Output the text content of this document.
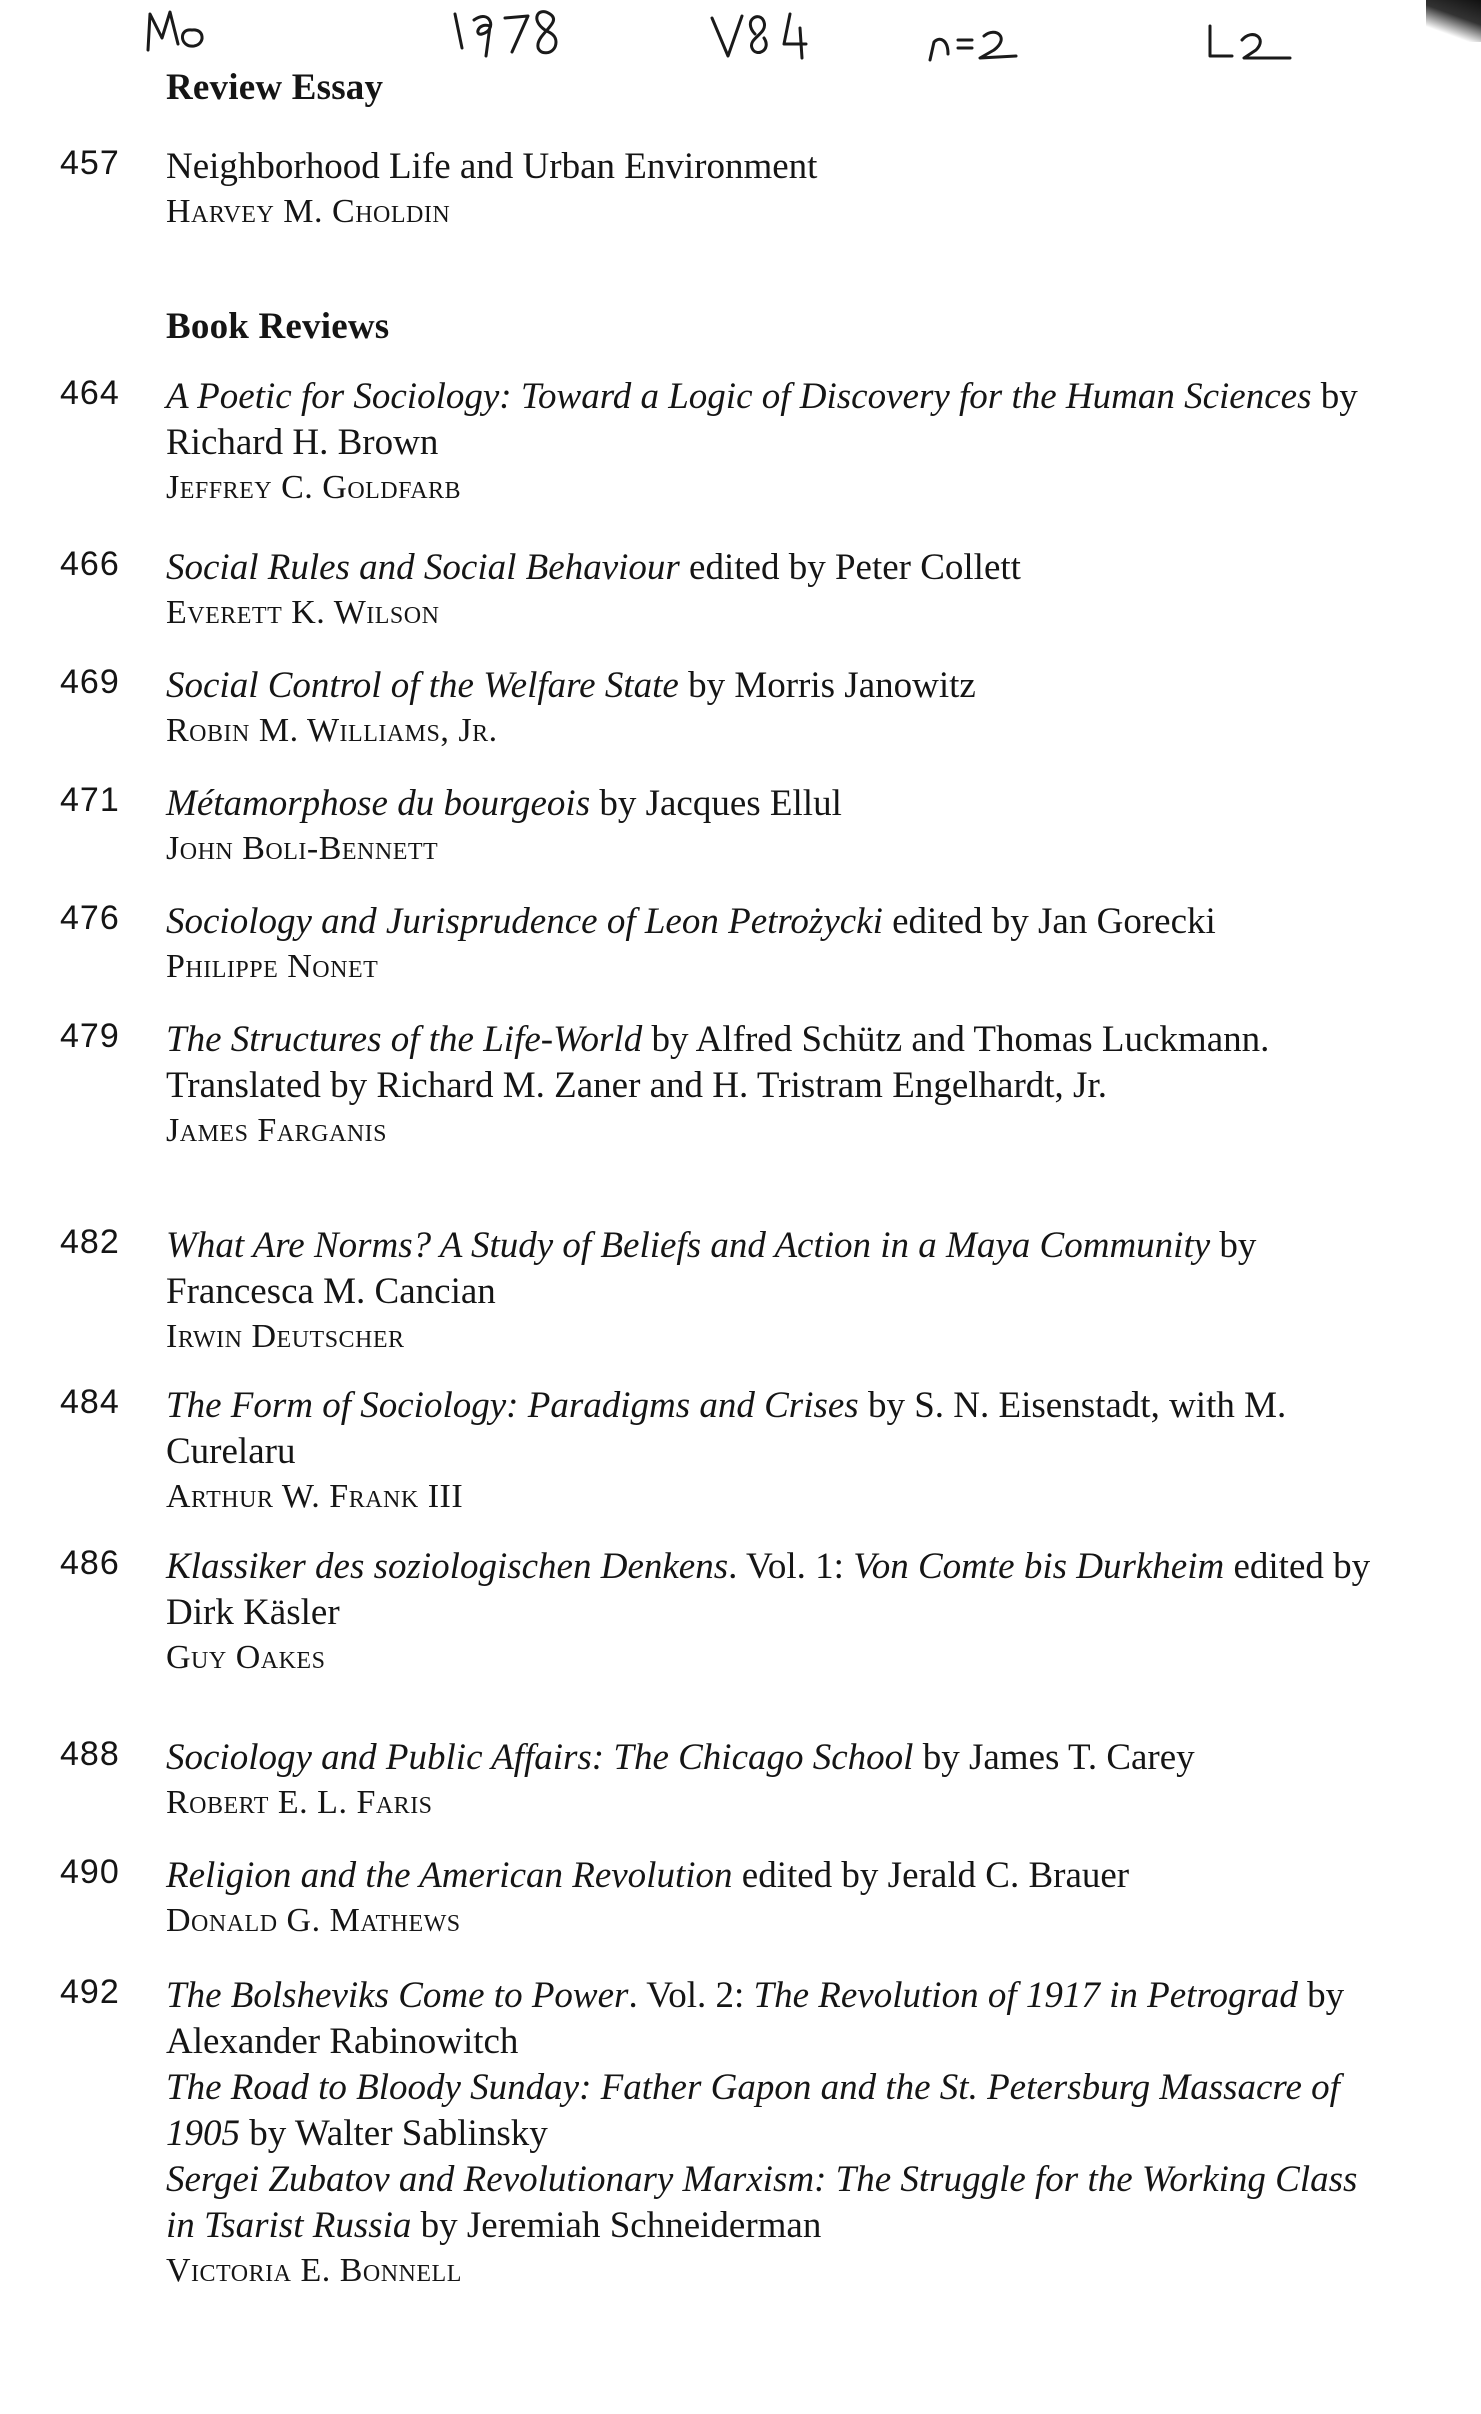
Review Essay
457 Neighborhood Life and Urban Environment
Harvey M. Choldin
Book Reviews
464 A Poetic for Sociology: Toward a Logic of Discovery for the Human Sciences by Richard H. Brown
Jeffrey C. Goldfarb
466 Social Rules and Social Behaviour edited by Peter Collett
Everett K. Wilson
469 Social Control of the Welfare State by Morris Janowitz
Robin M. Williams, Jr.
471 Métamorphose du bourgeois by Jacques Ellul
John Boli-Bennett
476 Sociology and Jurisprudence of Leon Petrożycki edited by Jan Gorecki
Philippe Nonet
479 The Structures of the Life-World by Alfred Schütz and Thomas Luckmann. Translated by Richard M. Zaner and H. Tristram Engelhardt, Jr.
James Farganis
482 What Are Norms? A Study of Beliefs and Action in a Maya Community by Francesca M. Cancian
Irwin Deutscher
484 The Form of Sociology: Paradigms and Crises by S. N. Eisenstadt, with M. Curelaru
Arthur W. Frank III
486 Klassiker des soziologischen Denkens. Vol. 1: Von Comte bis Durkheim edited by Dirk Käsler
Guy Oakes
488 Sociology and Public Affairs: The Chicago School by James T. Carey
Robert E. L. Faris
490 Religion and the American Revolution edited by Jerald C. Brauer
Donald G. Mathews
492 The Bolsheviks Come to Power. Vol. 2: The Revolution of 1917 in Petrograd by Alexander Rabinowitch
The Road to Bloody Sunday: Father Gapon and the St. Petersburg Massacre of 1905 by Walter Sablinsky
Sergei Zubatov and Revolutionary Marxism: The Struggle for the Working Class in Tsarist Russia by Jeremiah Schneiderman
Victoria E. Bonnell
